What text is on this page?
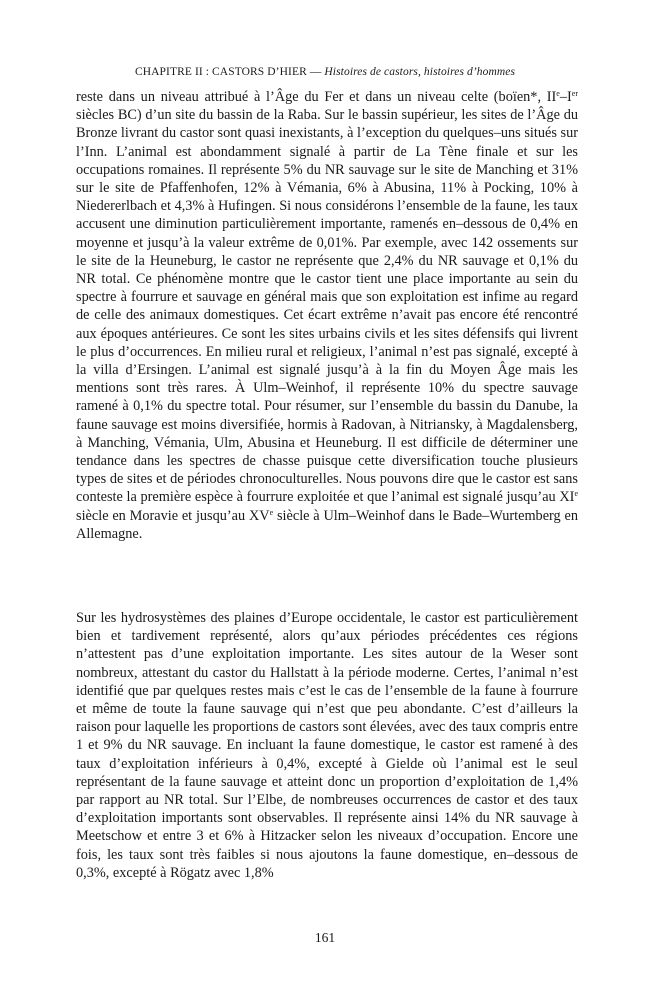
CHAPITRE II : CASTORS D’HIER — Histoires de castors, histoires d’hommes

reste dans un niveau attribué à l’Âge du Fer et dans un niveau celte (boïen*, IIe–Ier siècles BC) d’un site du bassin de la Raba. Sur le bassin supérieur, les sites de l’Âge du Bronze livrant du castor sont quasi inexistants, à l’exception du quelques–uns situés sur l’Inn. L’animal est abondamment signalé à partir de La Tène finale et sur les occupations romaines. Il représente 5% du NR sauvage sur le site de Manching et 31% sur le site de Pfaffenhofen, 12% à Vémania, 6% à Abusina, 11% à Pocking, 10% à Niedererlbach et 4,3% à Hufingen. Si nous considérons l’ensemble de la faune, les taux accusent une diminution particulièrement importante, ramenés en–dessous de 0,4% en moyenne et jusqu’à la valeur extrême de 0,01%. Par exemple, avec 142 ossements sur le site de la Heuneburg, le castor ne représente que 2,4% du NR sauvage et 0,1% du NR total. Ce phénomène montre que le castor tient une place importante au sein du spectre à fourrure et sauvage en général mais que son exploitation est infime au regard de celle des animaux domestiques. Cet écart extrême n’avait pas encore été rencontré aux époques antérieures. Ce sont les sites urbains civils et les sites défensifs qui livrent le plus d’occurrences. En milieu rural et religieux, l’animal n’est pas signalé, excepté à la villa d’Ersingen. L’animal est signalé jusqu’à à la fin du Moyen Âge mais les mentions sont très rares. À Ulm–Weinhof, il représente 10% du spectre sauvage ramené à 0,1% du spectre total. Pour résumer, sur l’ensemble du bassin du Danube, la faune sauvage est moins diversifiée, hormis à Radovan, à Nitriansky, à Magdalensberg, à Manching, Vémania, Ulm, Abusina et Heuneburg. Il est difficile de déterminer une tendance dans les spectres de chasse puisque cette diversification touche plusieurs types de sites et de périodes chronoculturelles. Nous pouvons dire que le castor est sans conteste la première espèce à fourrure exploitée et que l’animal est signalé jusqu’au XIe siècle en Moravie et jusqu’au XVe siècle à Ulm–Weinhof dans le Bade–Wurtemberg en Allemagne.

Sur les hydrosystèmes des plaines d’Europe occidentale, le castor est particulièrement bien et tardivement représenté, alors qu’aux périodes précédentes ces régions n’attestent pas d’une exploitation importante. Les sites autour de la Weser sont nombreux, attestant du castor du Hallstatt à la période moderne. Certes, l’animal n’est identifié que par quelques restes mais c’est le cas de l’ensemble de la faune à fourrure et même de toute la faune sauvage qui n’est que peu abondante. C’est d’ailleurs la raison pour laquelle les proportions de castors sont élevées, avec des taux compris entre 1 et 9% du NR sauvage. En incluant la faune domestique, le castor est ramené à des taux d’exploitation inférieurs à 0,4%, excepté à Gielde où l’animal est le seul représentant de la faune sauvage et atteint donc un proportion d’exploitation de 1,4% par rapport au NR total. Sur l’Elbe, de nombreuses occurrences de castor et des taux d’exploitation importants sont observables. Il représente ainsi 14% du NR sauvage à Meetschow et entre 3 et 6% à Hitzacker selon les niveaux d’occupation. Encore une fois, les taux sont très faibles si nous ajoutons la faune domestique, en–dessous de 0,3%, excepté à Rögatz avec 1,8%

161
